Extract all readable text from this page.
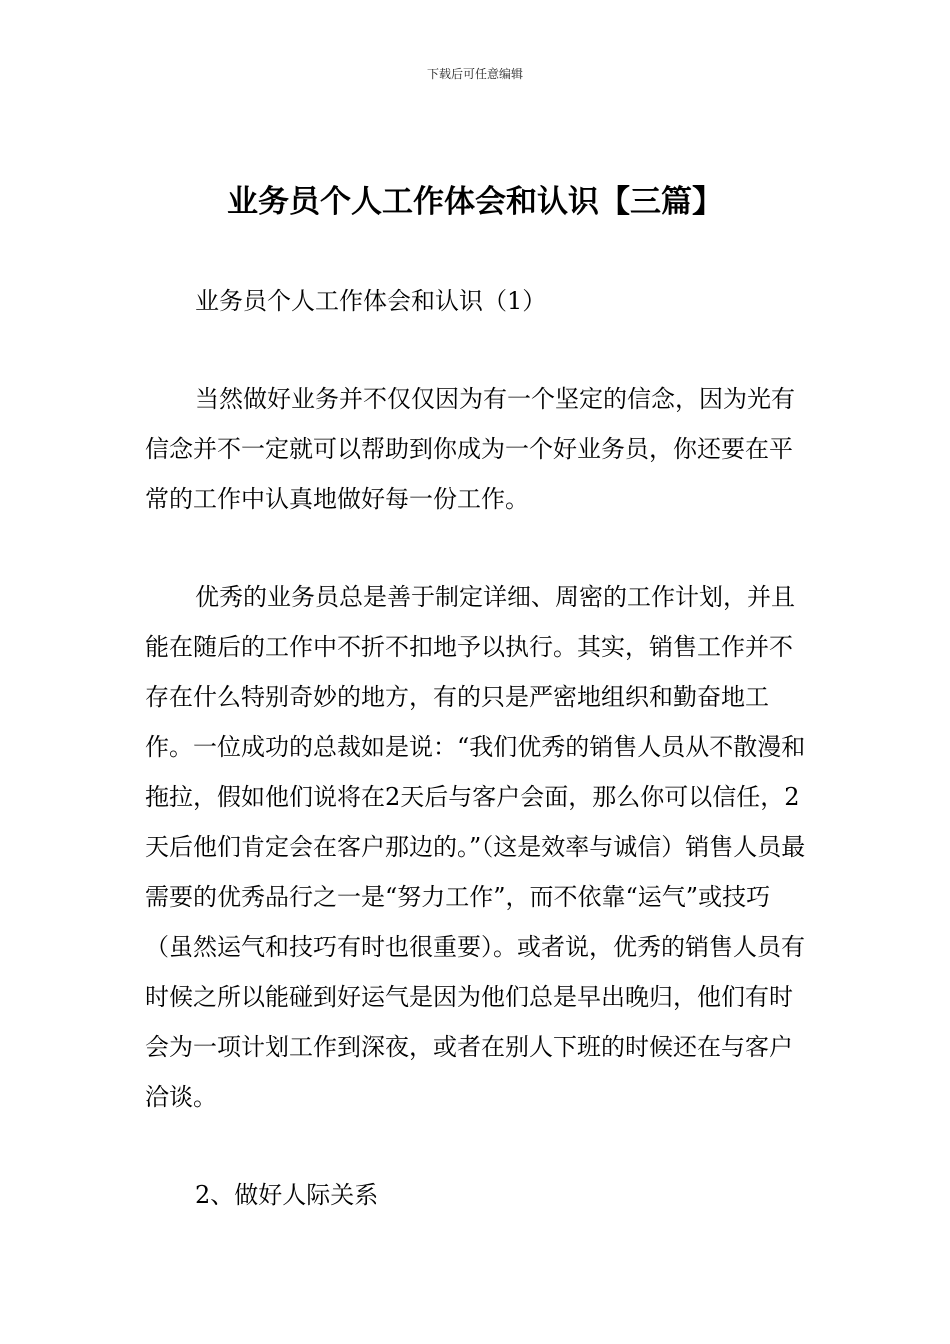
下载后可任意编辑
业务员个人工作体会和认识【三篇】

业务员个人工作体会和认识（1）

当然做好业务并不仅仅因为有一个坚定的信念，因为光有信念并不一定就可以帮助到你成为一个好业务员，你还要在平常的工作中认真地做好每一份工作。

优秀的业务员总是善于制定详细、周密的工作计划，并且能在随后的工作中不折不扣地予以执行。其实，销售工作并不存在什么特别奇妙的地方，有的只是严密地组织和勤奋地工作。一位成功的总裁如是说：“我们优秀的销售人员从不散漫和拖拉，假如他们说将在2天后与客户会面，那么你可以信任，2天后他们肯定会在客户那边的。”（这是效率与诚信）销售人员最需要的优秀品行之一是“努力工作”，而不依靠“运气”或技巧（虽然运气和技巧有时也很重要）。或者说，优秀的销售人员有时候之所以能碰到好运气是因为他们总是早出晚归，他们有时会为一项计划工作到深夜，或者在别人下班的时候还在与客户洽谈。

2、做好人际关系
